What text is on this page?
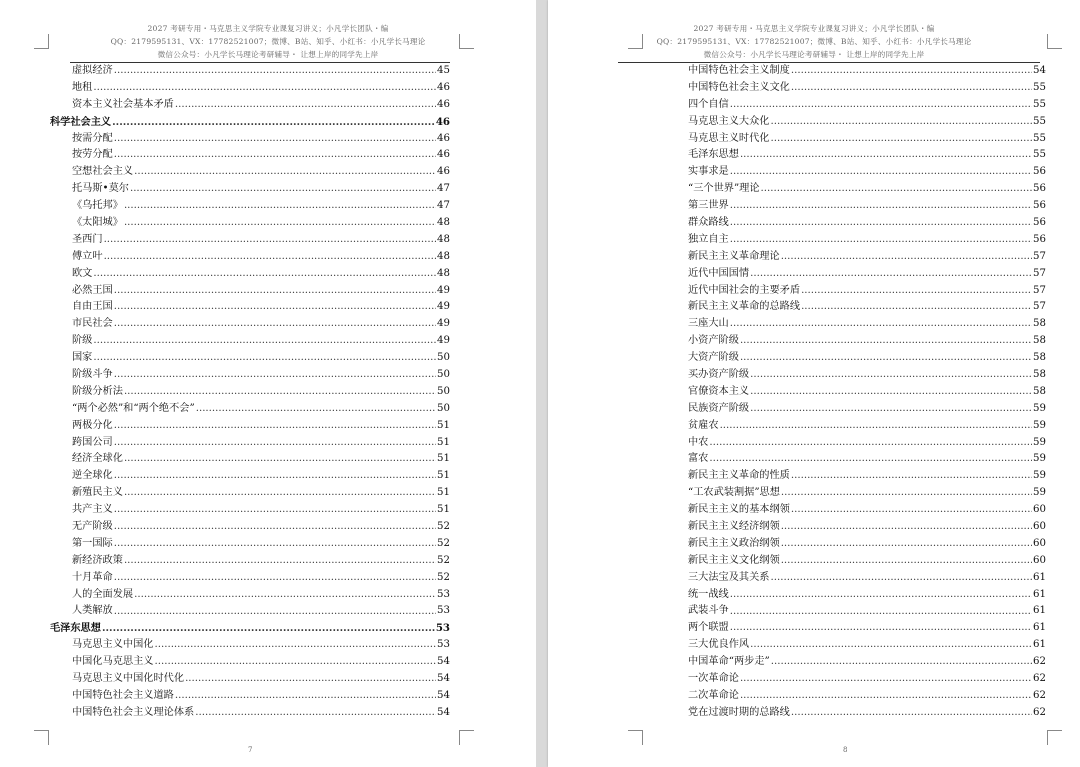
2027 考研专用・马克思主义学院专业课复习讲义；小凡学长团队・编
QQ：2179595131、VX：17782521007；微博、B站、知乎、小红书：小凡学长马理论
微信公众号：小凡学长马理论考研辅导・ 让想上岸的同学先上岸
虚拟经济 .....	45
地租 .....	46
资本主义社会基本矛盾 .....	46
科学社会主义 .....	46
按需分配 .....	46
按劳分配 .....	46
空想社会主义 .....	46
托马斯•莫尔 .....	47
《乌托邦》 .....	47
《太阳城》 .....	48
圣西门 .....	48
傅立叶 .....	48
欧文 .....	48
必然王国 .....	49
自由王国 .....	49
市民社会 .....	49
阶级 .....	49
国家 .....	50
阶级斗争 .....	50
阶级分析法 .....	50
“两个必然”和“两个绝不会” .....	50
两极分化 .....	51
跨国公司 .....	51
经济全球化 .....	51
逆全球化 .....	51
新殖民主义 .....	51
共产主义 .....	51
无产阶级 .....	52
第一国际 .....	52
新经济政策 .....	52
十月革命 .....	52
人的全面发展 .....	53
人类解放 .....	53
毛泽东思想 .....	53
马克思主义中国化 .....	53
中国化马克思主义 .....	54
马克思主义中国化时代化 .....	54
中国特色社会主义道路 .....	54
中国特色社会主义理论体系 .....	54
7
2027 考研专用・马克思主义学院专业课复习讲义；小凡学长团队・编
QQ：2179595131、VX：17782521007；微博、B站、知乎、小红书：小凡学长马理论
微信公众号：小凡学长马理论考研辅导・ 让想上岸的同学先上岸
中国特色社会主义制度 .....	54
中国特色社会主义文化 .....	55
四个自信 .....	55
马克思主义大众化 .....	55
马克思主义时代化 .....	55
毛泽东思想 .....	55
实事求是 .....	56
“三个世界”理论 .....	56
第三世界 .....	56
群众路线 .....	56
独立自主 .....	56
新民主主义革命理论 .....	57
近代中国国情 .....	57
近代中国社会的主要矛盾 .....	57
新民主主义革命的总路线 .....	57
三座大山 .....	58
小资产阶级 .....	58
大资产阶级 .....	58
买办资产阶级 .....	58
官僚资本主义 .....	58
民族资产阶级 .....	59
贫雇农 .....	59
中农 .....	59
富农 .....	59
新民主主义革命的性质 .....	59
“工农武装割据”思想 .....	59
新民主主义的基本纲领 .....	60
新民主主义经济纲领 .....	60
新民主主义政治纲领 .....	60
新民主主义文化纲领 .....	60
三大法宝及其关系 .....	61
统一战线 .....	61
武装斗争 .....	61
两个联盟 .....	61
三大优良作风 .....	61
中国革命“两步走” .....	62
一次革命论 .....	62
二次革命论 .....	62
党在过渡时期的总路线 .....	62
8
